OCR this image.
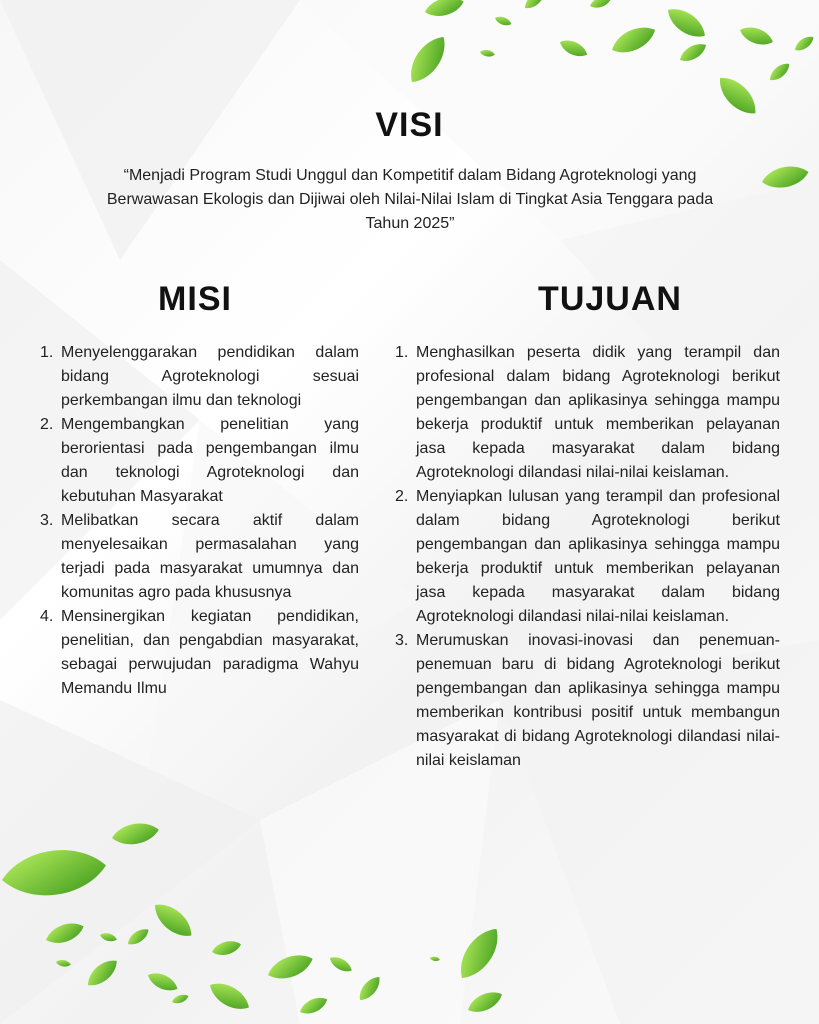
VISI

“Menjadi Program Studi Unggul dan Kompetitif dalam Bidang Agroteknologi yang Berwawasan Ekologis dan Dijiwai oleh Nilai-Nilai Islam di Tingkat Asia Tenggara pada Tahun 2025”

MISI
1. Menyelenggarakan pendidikan dalam bidang Agroteknologi sesuai perkembangan ilmu dan teknologi
2. Mengembangkan penelitian yang berorientasi pada pengembangan ilmu dan teknologi Agroteknologi dan kebutuhan Masyarakat
3. Melibatkan secara aktif dalam menyelesaikan permasalahan yang terjadi pada masyarakat umumnya dan komunitas agro pada khususnya
4. Mensinergikan kegiatan pendidikan, penelitian, dan pengabdian masyarakat, sebagai perwujudan paradigma Wahyu Memandu Ilmu
TUJUAN
1. Menghasilkan peserta didik yang terampil dan profesional dalam bidang Agroteknologi berikut pengembangan dan aplikasinya sehingga mampu bekerja produktif untuk memberikan pelayanan jasa kepada masyarakat dalam bidang Agroteknologi dilandasi nilai-nilai keislaman.
2. Menyiapkan lulusan yang terampil dan profesional dalam bidang Agroteknologi berikut pengembangan dan aplikasinya sehingga mampu bekerja produktif untuk memberikan pelayanan jasa kepada masyarakat dalam bidang Agroteknologi dilandasi nilai-nilai keislaman.
3. Merumuskan inovasi-inovasi dan penemuan-penemuan baru di bidang Agroteknologi berikut pengembangan dan aplikasinya sehingga mampu memberikan kontribusi positif untuk membangun masyarakat di bidang Agroteknologi dilandasi nilai-nilai keislaman
